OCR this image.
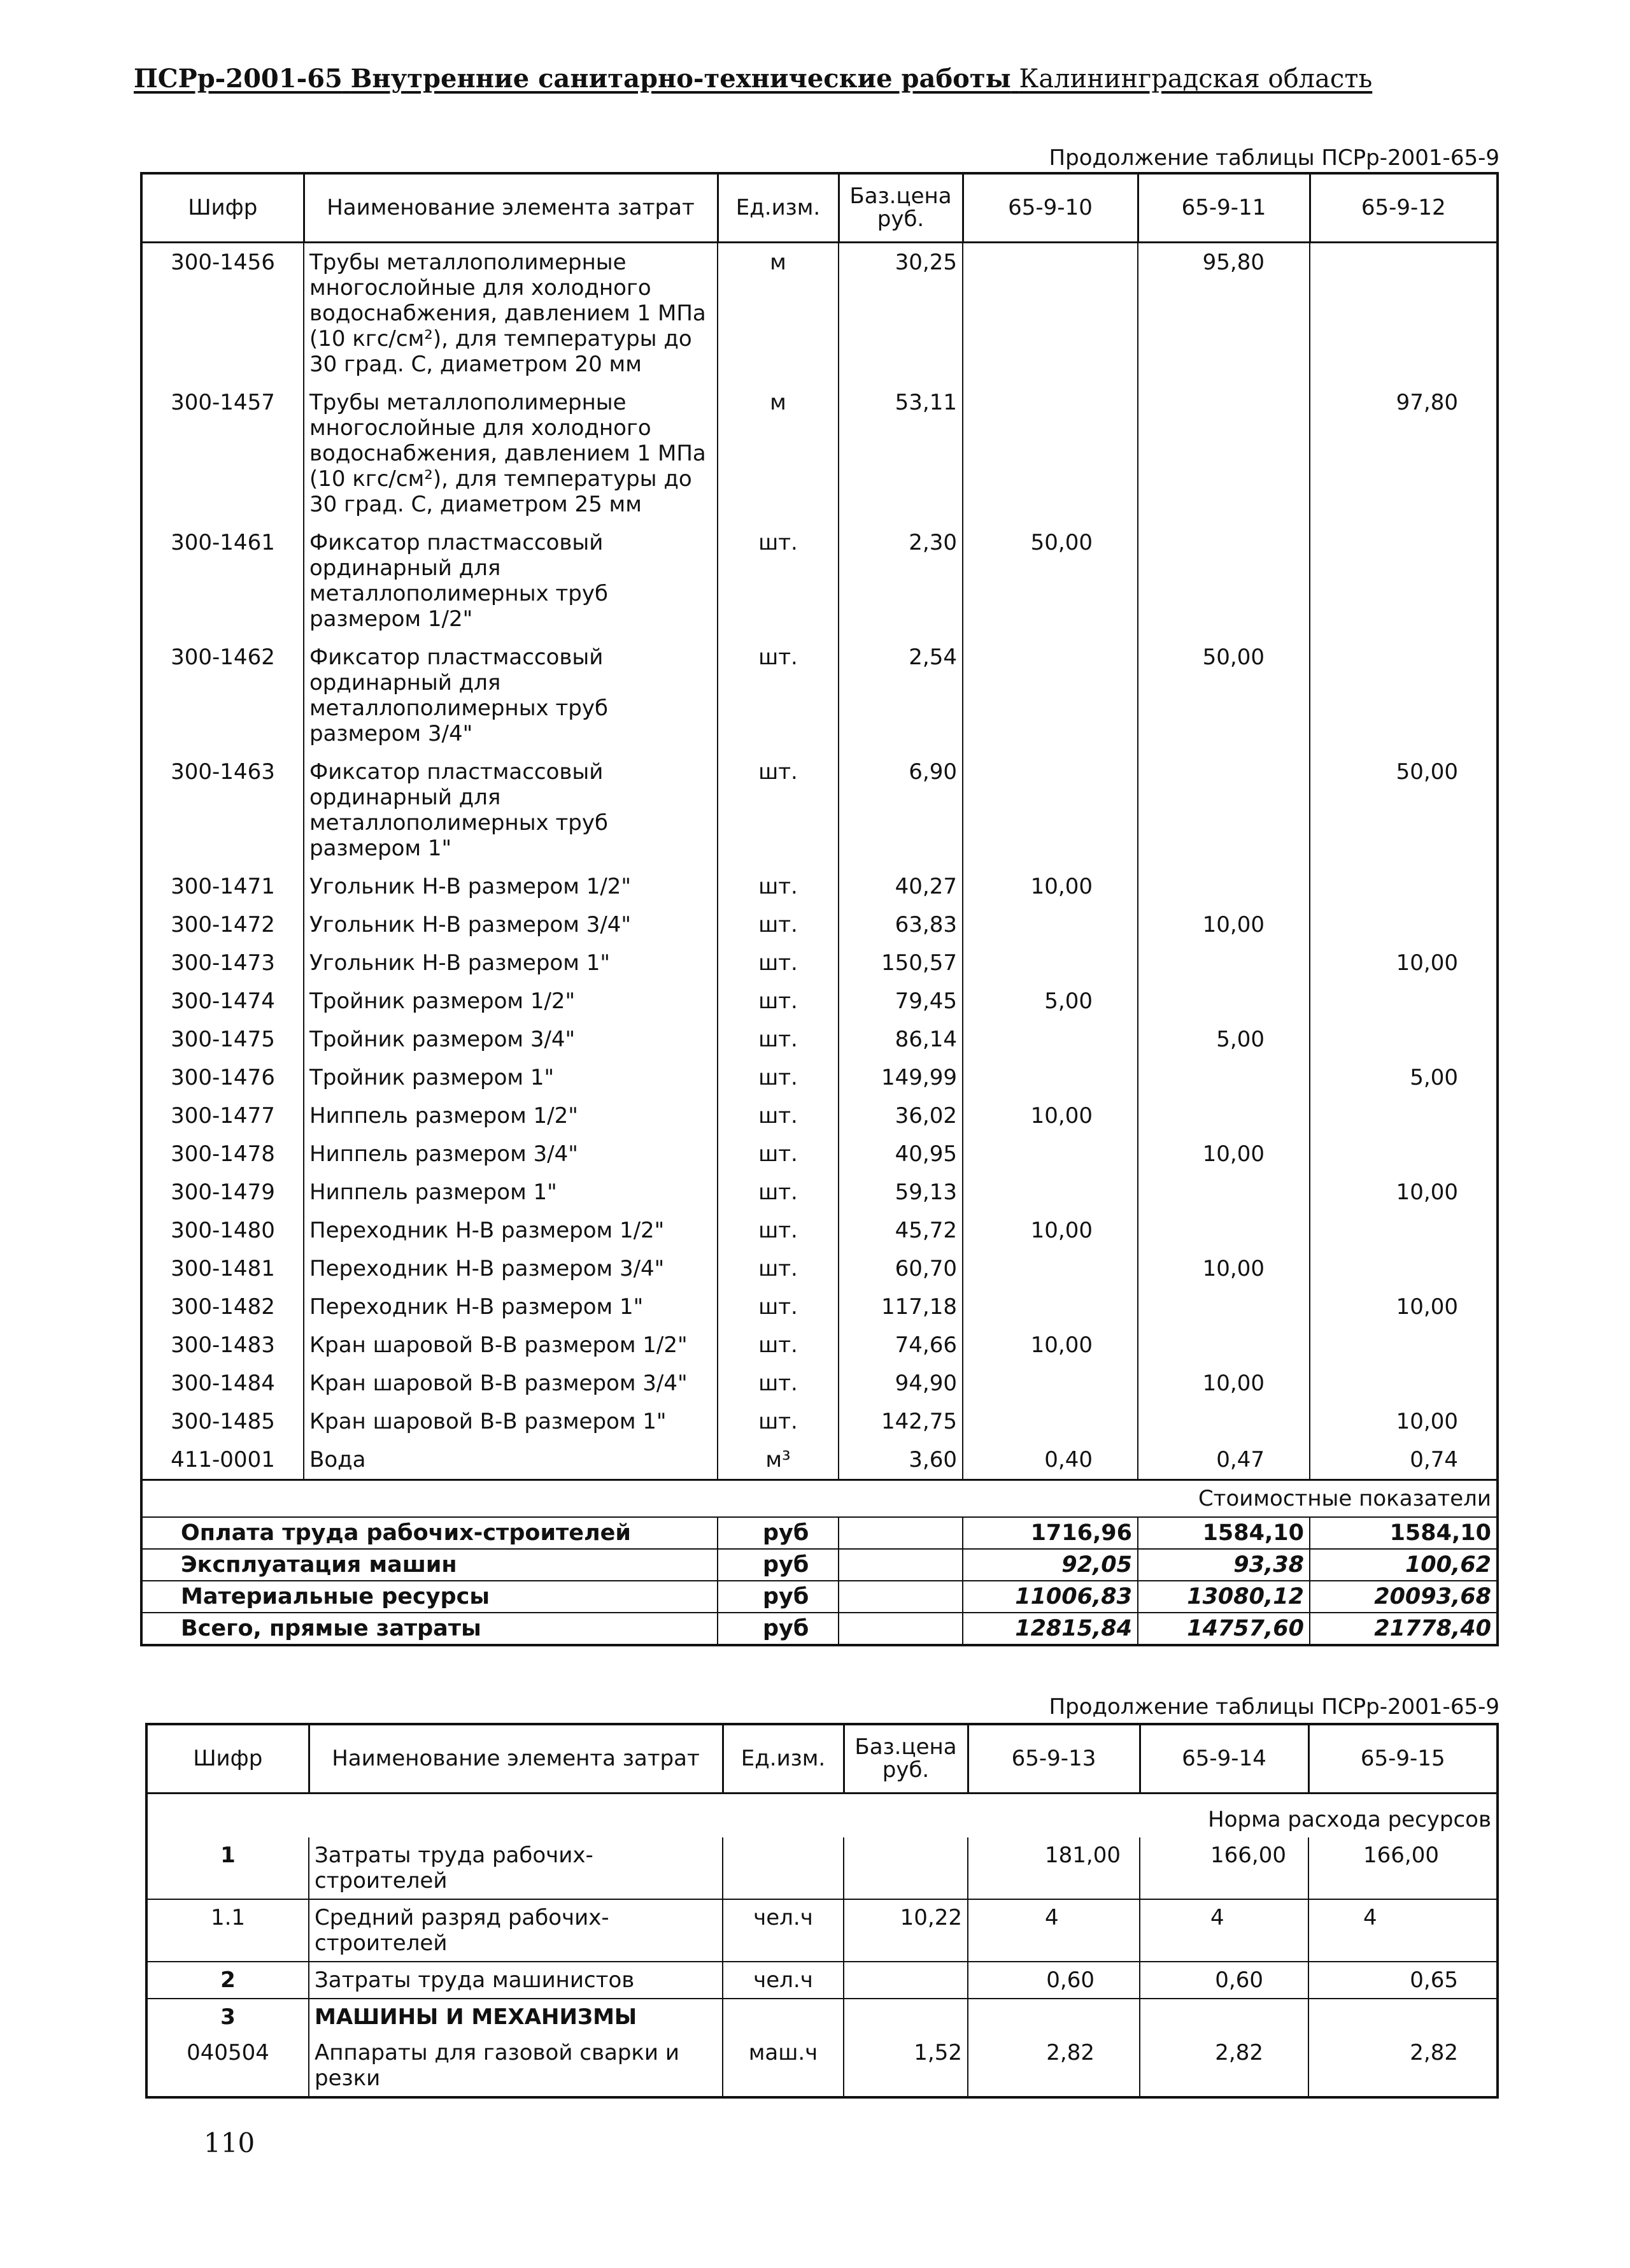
ПСРр-2001-65 Внутренние санитарно-технические работы Калининградская область
Продолжение таблицы ПСРр-2001-65-9
Шифр	Наименование элемента затрат	Ед.изм.	Баз.цена руб.	65-9-10	65-9-11	65-9-12
300-1456	Трубы металлополимерные многослойные для холодного водоснабжения, давлением 1 МПа (10 кгс/см²), для температуры до 30 град. С, диаметром 20 мм	м	30,25		95,80	
300-1457	Трубы металлополимерные многослойные для холодного водоснабжения, давлением 1 МПа (10 кгс/см²), для температуры до 30 град. С, диаметром 25 мм	м	53,11			97,80
300-1461	Фиксатор пластмассовый ординарный для металлополимерных труб размером 1/2"	шт.	2,30	50,00		
300-1462	Фиксатор пластмассовый ординарный для металлополимерных труб размером 3/4"	шт.	2,54		50,00	
300-1463	Фиксатор пластмассовый ординарный для металлополимерных труб размером 1"	шт.	6,90			50,00
300-1471	Угольник Н-В размером 1/2"	шт.	40,27	10,00		
300-1472	Угольник Н-В размером 3/4"	шт.	63,83		10,00	
300-1473	Угольник Н-В размером 1"	шт.	150,57			10,00
300-1474	Тройник размером 1/2"	шт.	79,45	5,00		
300-1475	Тройник размером 3/4"	шт.	86,14		5,00	
300-1476	Тройник размером 1"	шт.	149,99			5,00
300-1477	Ниппель размером 1/2"	шт.	36,02	10,00		
300-1478	Ниппель размером 3/4"	шт.	40,95		10,00	
300-1479	Ниппель размером 1"	шт.	59,13			10,00
300-1480	Переходник Н-В размером 1/2"	шт.	45,72	10,00		
300-1481	Переходник Н-В размером 3/4"	шт.	60,70		10,00	
300-1482	Переходник Н-В размером 1"	шт.	117,18			10,00
300-1483	Кран шаровой В-В размером 1/2"	шт.	74,66	10,00		
300-1484	Кран шаровой В-В размером 3/4"	шт.	94,90		10,00	
300-1485	Кран шаровой В-В размером 1"	шт.	142,75			10,00
411-0001	Вода	м³	3,60	0,40	0,47	0,74
Стоимостные показатели						
Оплата труда рабочих-строителей		руб		1716,96	1584,10	1584,10
Эксплуатация машин		руб		92,05	93,38	100,62
Материальные ресурсы		руб		11006,83	13080,12	20093,68
Всего, прямые затраты		руб		12815,84	14757,60	21778,40
Продолжение таблицы ПСРр-2001-65-9
Шифр	Наименование элемента затрат	Ед.изм.	Баз.цена руб.	65-9-13	65-9-14	65-9-15
Норма расхода ресурсов						
1	Затраты труда рабочих-строителей			181,00	166,00	166,00
1.1	Средний разряд рабочих-строителей	чел.ч	10,22	4	4	4
2	Затраты труда машинистов	чел.ч		0,60	0,60	0,65
3	МАШИНЫ И МЕХАНИЗМЫ					
040504	Аппараты для газовой сварки и резки	маш.ч	1,52	2,82	2,82	2,82
110
